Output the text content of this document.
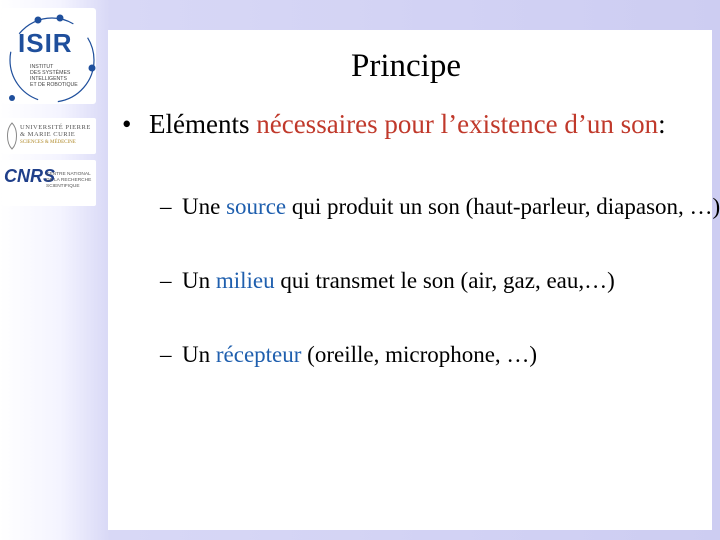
ISIR
INSTITUT
DES SYSTÈMES
INTELLIGENTS
ET DE ROBOTIQUE
UNIVERSITÉ PIERRE & MARIE CURIE
SCIENCES & MÉDECINE
CNRS
CENTRE NATIONAL
DE LA RECHERCHE
SCIENTIFIQUE
Principe
• Eléments nécessaires pour l’existence d’un son:
– Une source qui produit un son (haut-parleur, diapason, …)
– Un milieu qui transmet le son (air, gaz, eau,…)
– Un récepteur (oreille, microphone, …)
